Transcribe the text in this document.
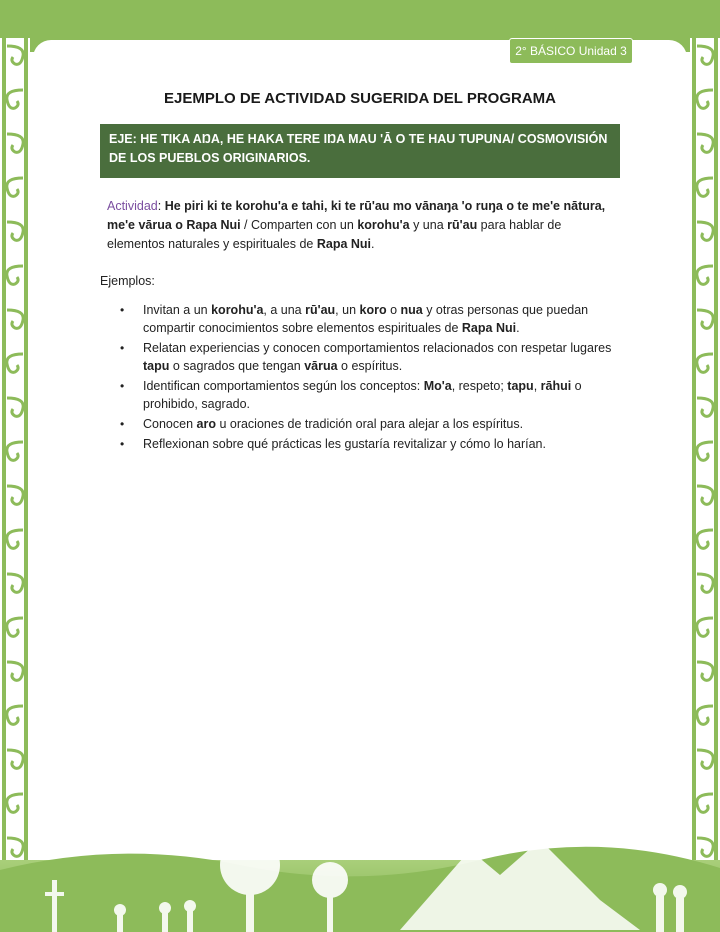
2° BÁSICO Unidad 3
EJEMPLO DE ACTIVIDAD SUGERIDA DEL PROGRAMA
EJE: HE TIKA AŊA, HE HAKA TERE IŊA MAU 'Ā O TE HAU TUPUNA/ COSMOVISIÓN DE LOS PUEBLOS ORIGINARIOS.
Actividad: He piri ki te korohu'a e tahi, ki te rū'au mo vānaŋa 'o ruŋa o te me'e nātura, me'e vārua o Rapa Nui / Comparten con un korohu'a y una rū'au para hablar de elementos naturales y espirituales de Rapa Nui.
Ejemplos:
• Invitan a un korohu'a, a una rū'au, un koro o nua y otras personas que puedan compartir conocimientos sobre elementos espirituales de Rapa Nui.
• Relatan experiencias y conocen comportamientos relacionados con respetar lugares tapu o sagrados que tengan vārua o espíritus.
• Identifican comportamientos según los conceptos: Mo'a, respeto; tapu, rāhui o prohibido, sagrado.
• Conocen aro u oraciones de tradición oral para alejar a los espíritus.
• Reflexionan sobre qué prácticas les gustaría revitalizar y cómo lo harían.
